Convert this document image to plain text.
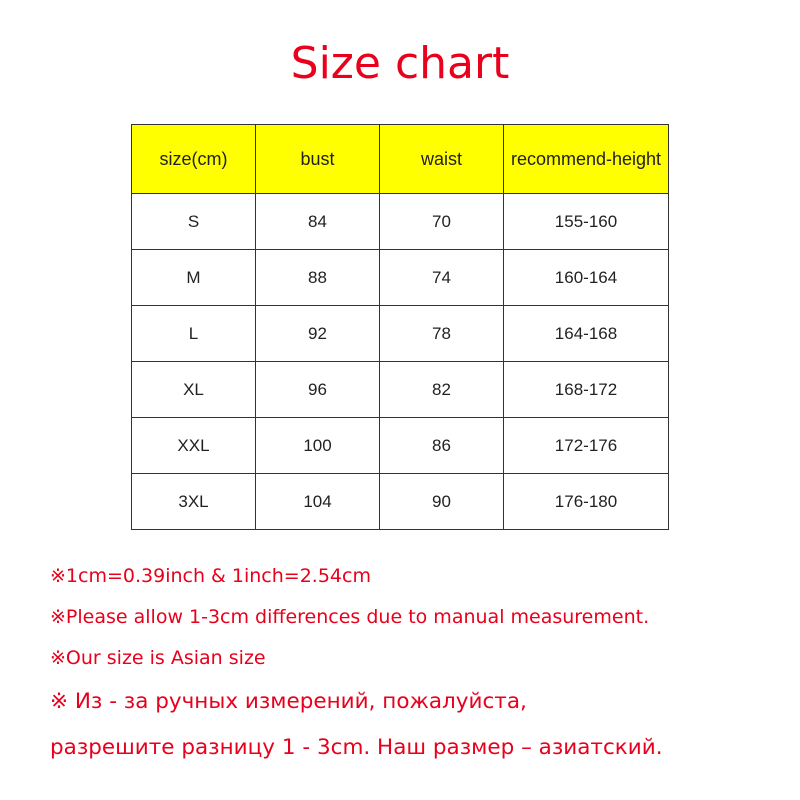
Size chart
size(cm)	bust	waist	recommend-height
S	84	70	155-160
M	88	74	160-164
L	92	78	164-168
XL	96	82	168-172
XXL	100	86	172-176
3XL	104	90	176-180
※1cm=0.39inch & 1inch=2.54cm
※Please allow 1-3cm differences due to manual measurement.
※Our size is Asian size
※ Из - за ручных измерений, пожалуйста,
разрешите разницу 1 - 3cm. Наш размер – азиатский.
